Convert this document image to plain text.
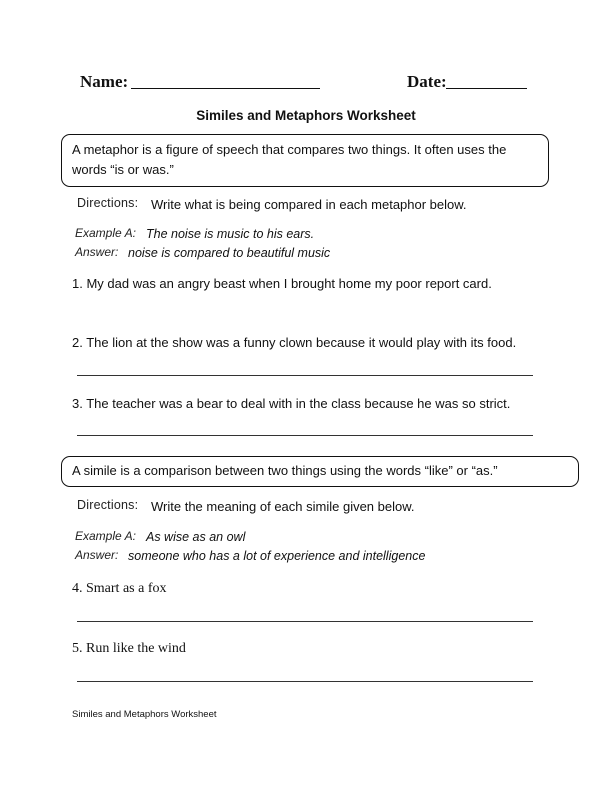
Name:	Date:
Similes and Metaphors Worksheet
A metaphor is a figure of speech that compares two things. It often uses the words “is or was.”
Directions: Write what is being compared in each metaphor below.
Example A: The noise is music to his ears.
Answer: noise is compared to beautiful music
1. My dad was an angry beast when I brought home my poor report card.
2. The lion at the show was a funny clown because it would play with its food.
3. The teacher was a bear to deal with in the class because he was so strict.
A simile is a comparison between two things using the words “like” or “as.”
Directions: Write the meaning of each simile given below.
Example A: As wise as an owl
Answer: someone who has a lot of experience and intelligence
4. Smart as a fox
5. Run like the wind
Similes and Metaphors Worksheet
